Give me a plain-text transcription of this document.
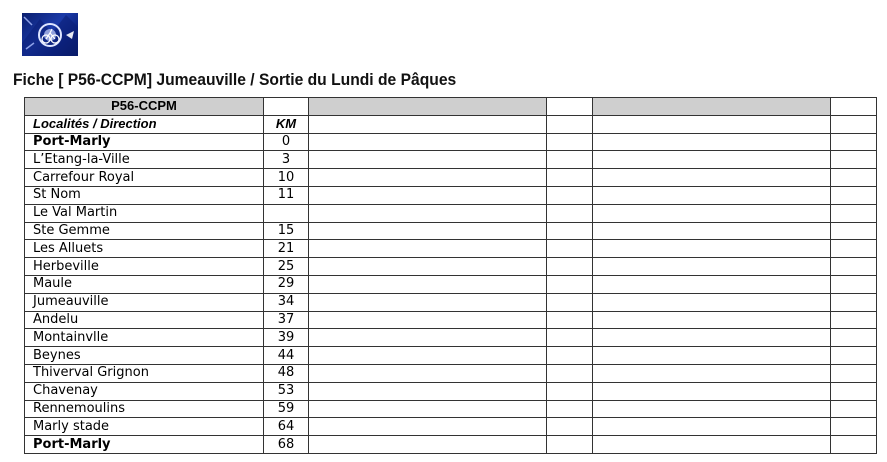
Fiche [ P56-CCPM] Jumeauville / Sortie du Lundi de Pâques
P56-CCPM					
Localités / Direction	KM				
Port-Marly	0				
L’Etang-la-Ville	3				
Carrefour Royal	10				
St Nom	11				
Le Val Martin					
Ste Gemme	15				
Les Alluets	21				
Herbeville	25				
Maule	29				
Jumeauville	34				
Andelu	37				
Montainvlle	39				
Beynes	44				
Thiverval Grignon	48				
Chavenay	53				
Rennemoulins	59				
Marly stade	64				
Port-Marly	68				
